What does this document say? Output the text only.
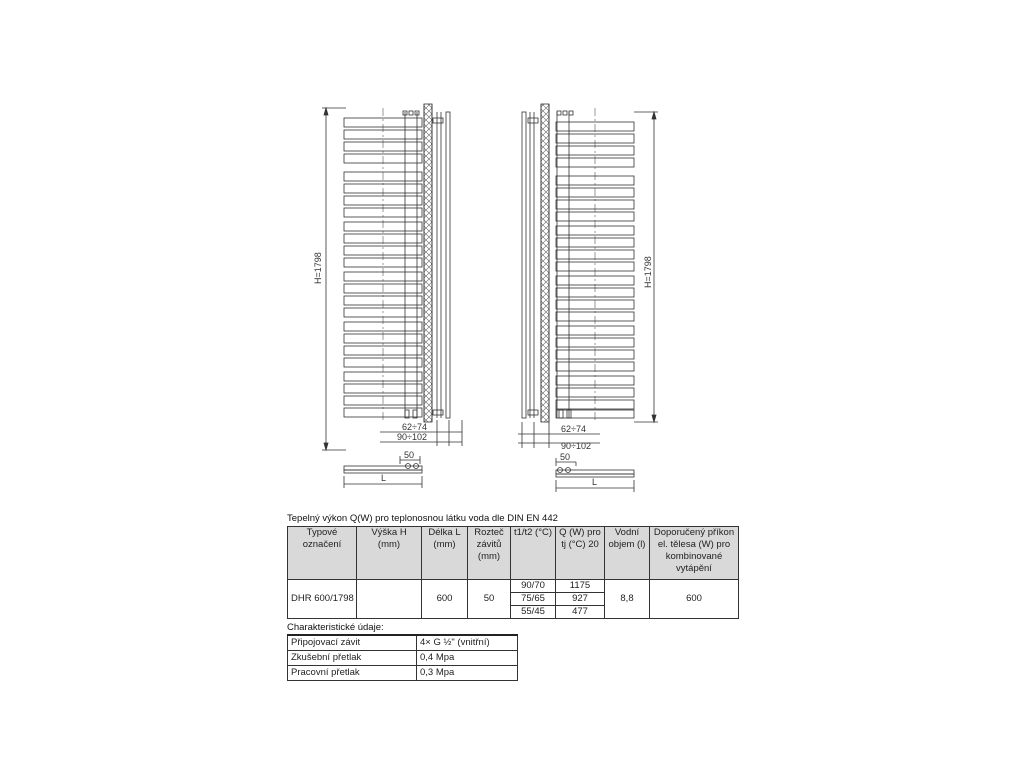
H=1798
62÷74
90÷102
50
L
H=1798
62÷74
90÷102
50
L
Tepelný výkon Q(W) pro teplonosnou látku voda dle DIN EN 442
Typové označení	Výška H (mm)	Délka L (mm)	Rozteč závitů (mm)	t1/t2 (°C)	Q (W) pro tj (°C) 20	Vodní objem (l)	Doporučený příkon el. tělesa (W) pro kombinované vytápění
DHR 600/1798		600	50	90/70	1175	8,8	600
				75/65	927		
				55/45	477		
Charakteristické údaje:
Připojovací závit	4× G ½" (vnitřní)
Zkušební přetlak	0,4 Mpa
Pracovní přetlak	0,3 Mpa
